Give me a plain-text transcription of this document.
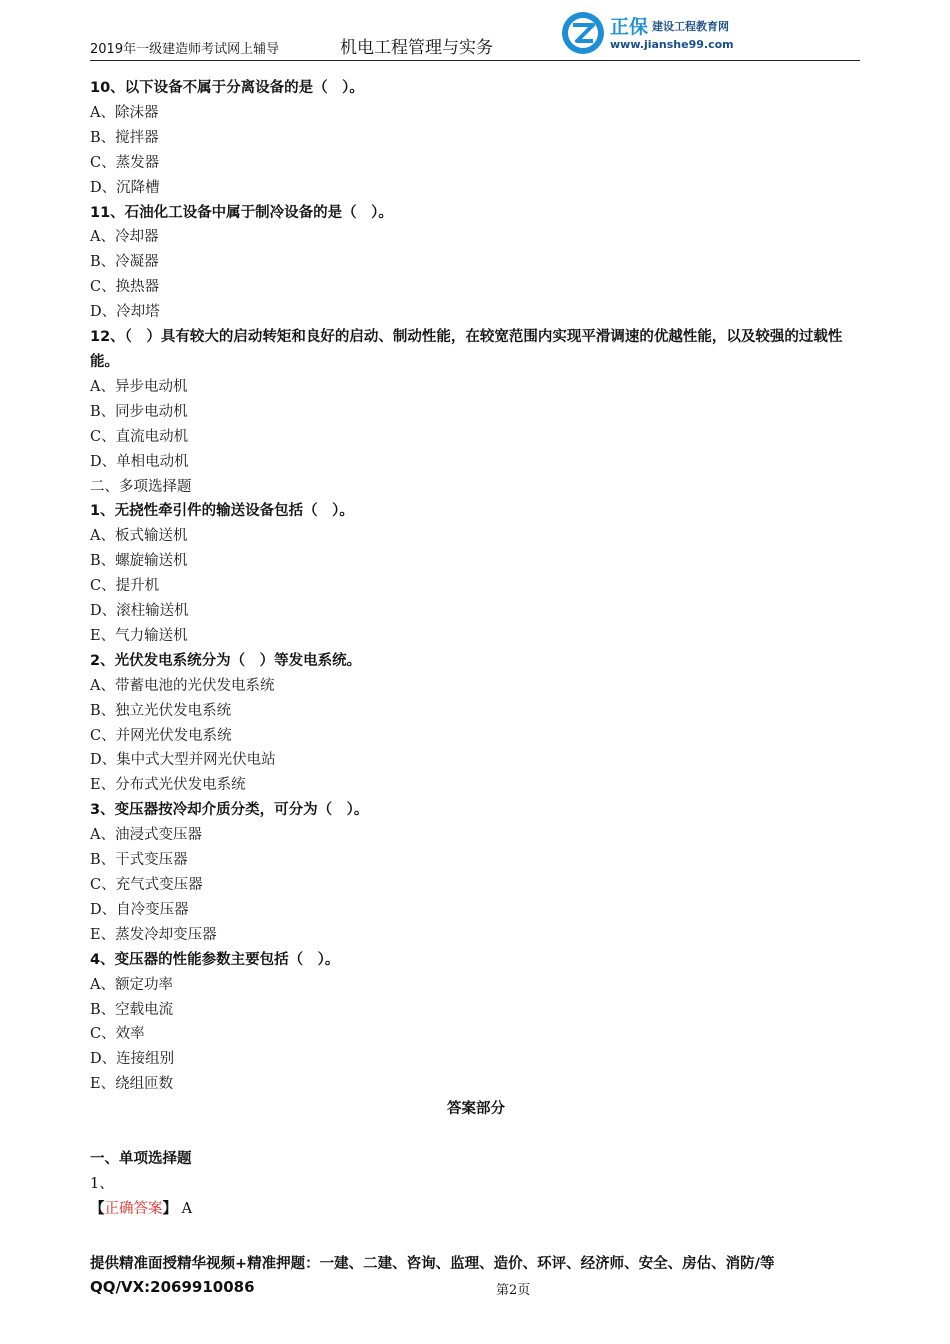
2019年一级建造师考试网上辅导	机电工程管理与实务
正保 建设工程教育网
www.jianshe99.com
10、以下设备不属于分离设备的是（　）。
A、除沫器
B、搅拌器
C、蒸发器
D、沉降槽
11、石油化工设备中属于制冷设备的是（　）。
A、冷却器
B、冷凝器
C、换热器
D、冷却塔
12、（　）具有较大的启动转矩和良好的启动、制动性能，在较宽范围内实现平滑调速的优越性能，以及较强的过载性能。
A、异步电动机
B、同步电动机
C、直流电动机
D、单相电动机
二、多项选择题
1、无挠性牵引件的输送设备包括（　）。
A、板式输送机
B、螺旋输送机
C、提升机
D、滚柱输送机
E、气力输送机
2、光伏发电系统分为（　）等发电系统。
A、带蓄电池的光伏发电系统
B、独立光伏发电系统
C、并网光伏发电系统
D、集中式大型并网光伏电站
E、分布式光伏发电系统
3、变压器按冷却介质分类，可分为（　）。
A、油浸式变压器
B、干式变压器
C、充气式变压器
D、自冷变压器
E、蒸发冷却变压器
4、变压器的性能参数主要包括（　）。
A、额定功率
B、空载电流
C、效率
D、连接组别
E、绕组匝数
答案部分
一、单项选择题
1、
【正确答案】 A
提供精准面授精华视频+精准押题：一建、二建、咨询、监理、造价、环评、经济师、安全、房估、消防/等
QQ/VX:2069910086	第2页
